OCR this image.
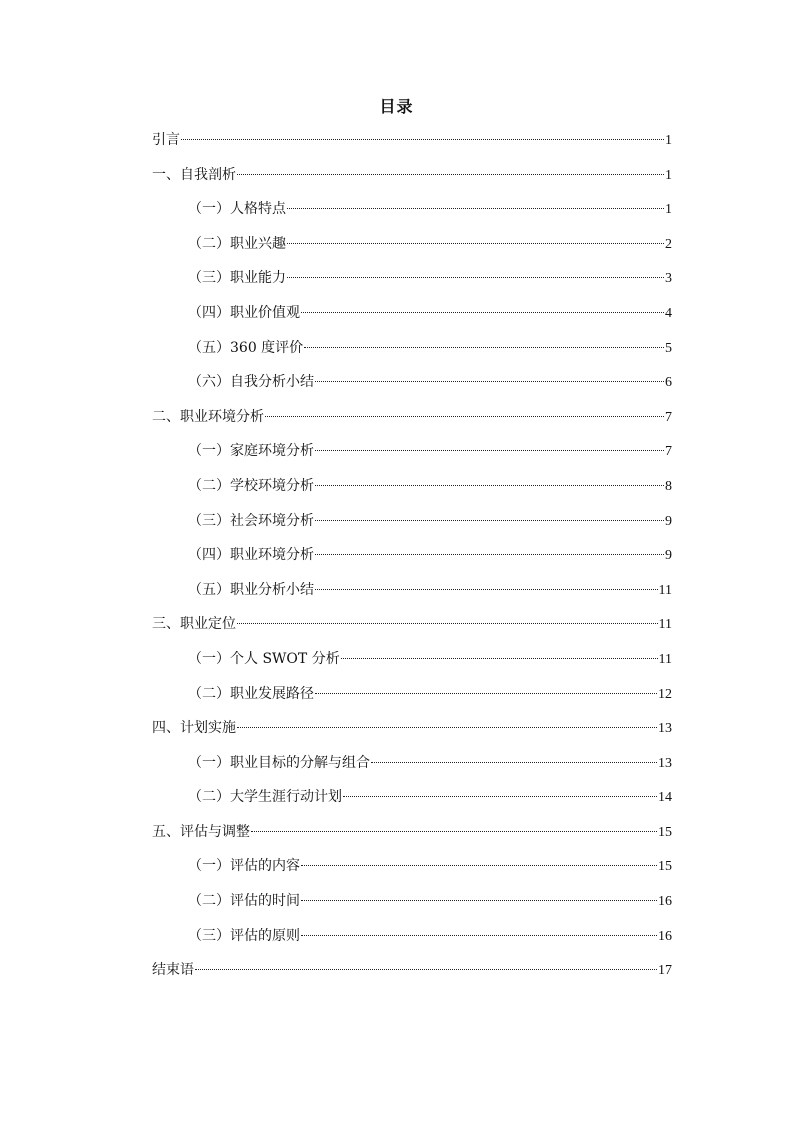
目录
引言	1
一、自我剖析	1
（一）人格特点	1
（二）职业兴趣	2
（三）职业能力	3
（四）职业价值观	4
（五）360 度评价	5
（六）自我分析小结	6
二、职业环境分析	7
（一）家庭环境分析	7
（二）学校环境分析	8
（三）社会环境分析	9
（四）职业环境分析	9
（五）职业分析小结	11
三、职业定位	11
（一）个人 SWOT 分析	11
（二）职业发展路径	12
四、计划实施	13
（一）职业目标的分解与组合	13
（二）大学生涯行动计划	14
五、评估与调整	15
（一）评估的内容	15
（二）评估的时间	16
（三）评估的原则	16
结束语	17
